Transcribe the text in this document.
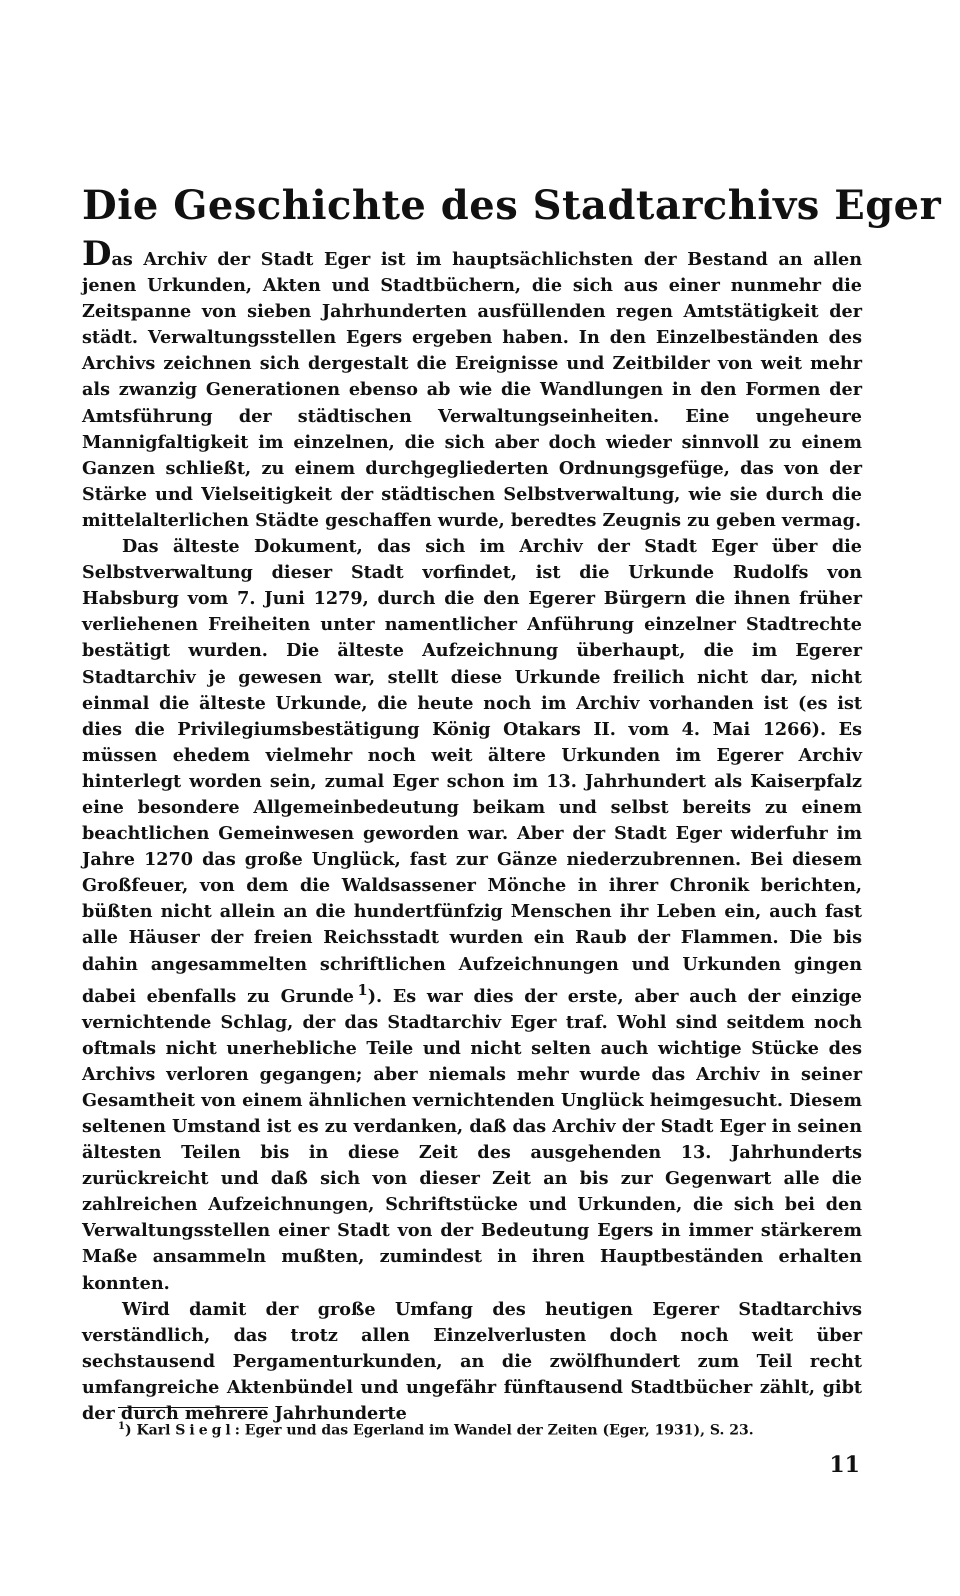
Die Geschichte des Stadtarchivs Eger

Das Archiv der Stadt Eger ist im hauptsächlichsten der Bestand an allen jenen Urkunden, Akten und Stadtbüchern, die sich aus einer nunmehr die Zeitspanne von sieben Jahrhunderten ausfüllenden regen Amtstätigkeit der städt. Verwaltungsstellen Egers ergeben haben. In den Einzelbeständen des Archivs zeichnen sich dergestalt die Ereignisse und Zeitbilder von weit mehr als zwanzig Generationen ebenso ab wie die Wandlungen in den Formen der Amtsführung der städtischen Verwaltungseinheiten. Eine ungeheure Mannigfaltigkeit im einzelnen, die sich aber doch wieder sinnvoll zu einem Ganzen schließt, zu einem durchgegliederten Ordnungsgefüge, das von der Stärke und Vielseitigkeit der städtischen Selbstverwaltung, wie sie durch die mittelalterlichen Städte geschaffen wurde, beredtes Zeugnis zu geben vermag.

Das älteste Dokument, das sich im Archiv der Stadt Eger über die Selbstverwaltung dieser Stadt vorfindet, ist die Urkunde Rudolfs von Habsburg vom 7. Juni 1279, durch die den Egerer Bürgern die ihnen früher verliehenen Freiheiten unter namentlicher Anführung einzelner Stadtrechte bestätigt wurden. Die älteste Aufzeichnung überhaupt, die im Egerer Stadtarchiv je gewesen war, stellt diese Urkunde freilich nicht dar, nicht einmal die älteste Urkunde, die heute noch im Archiv vorhanden ist (es ist dies die Privilegiumsbestätigung König Otakars II. vom 4. Mai 1266). Es müssen ehedem vielmehr noch weit ältere Urkunden im Egerer Archiv hinterlegt worden sein, zumal Eger schon im 13. Jahrhundert als Kaiserpfalz eine besondere Allgemeinbedeutung beikam und selbst bereits zu einem beachtlichen Gemeinwesen geworden war. Aber der Stadt Eger widerfuhr im Jahre 1270 das große Unglück, fast zur Gänze niederzubrennen. Bei diesem Großfeuer, von dem die Waldsassener Mönche in ihrer Chronik berichten, büßten nicht allein an die hundertfünfzig Menschen ihr Leben ein, auch fast alle Häuser der freien Reichsstadt wurden ein Raub der Flammen. Die bis dahin angesammelten schriftlichen Aufzeichnungen und Urkunden gingen dabei ebenfalls zu Grunde  $^1$). Es war dies der erste, aber auch der einzige vernichtende Schlag, der das Stadtarchiv Eger traf. Wohl sind seitdem noch oftmals nicht unerhebliche Teile und nicht selten auch wichtige Stücke des Archivs verloren gegangen; aber niemals mehr wurde das Archiv in seiner Gesamtheit von einem ähnlichen vernichtenden Unglück heimgesucht. Diesem seltenen Umstand ist es zu verdanken, daß das Archiv der Stadt Eger in seinen ältesten Teilen bis in diese Zeit des ausgehenden 13. Jahrhunderts zurückreicht und daß sich von dieser Zeit an bis zur Gegenwart alle die zahlreichen Aufzeichnungen, Schriftstücke und Urkunden, die sich bei den Verwaltungsstellen einer Stadt von der Bedeutung Egers in immer stärkerem Maße ansammeln mußten, zumindest in ihren Hauptbeständen erhalten konnten.

Wird damit der große Umfang des heutigen Egerer Stadtarchivs verständlich, das trotz allen Einzelverlusten doch noch weit über sechstausend Pergamenturkunden, an die zwölfhundert zum Teil recht umfangreiche Aktenbündel und ungefähr fünftausend Stadtbücher zählt, gibt der durch mehrere Jahrhunderte

$^1$) Karl Siegl: Eger und das Egerland im Wandel der Zeiten (Eger, 1931), S. 23.
11
